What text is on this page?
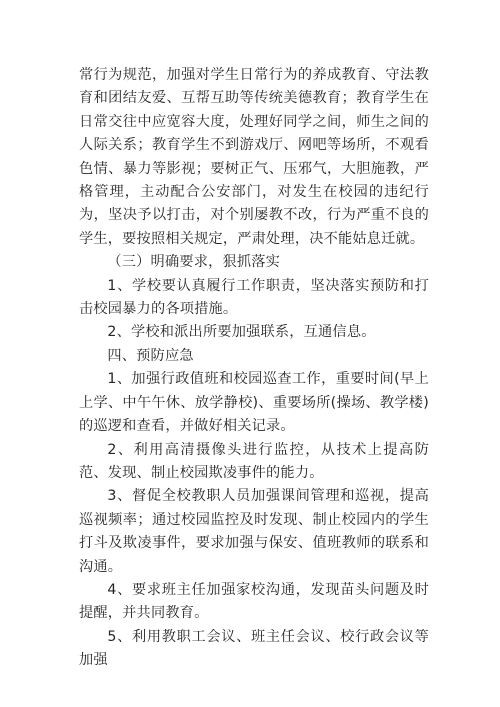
常行为规范，加强对学生日常行为的养成教育、守法教育和团结友爱、互帮互助等传统美德教育；教育学生在日常交往中应宽容大度，处理好同学之间，师生之间的人际关系；教育学生不到游戏厅、网吧等场所，不观看色情、暴力等影视；要树正气、压邪气，大胆施教，严格管理，主动配合公安部门，对发生在校园的违纪行为，坚决予以打击，对个别屡教不改，行为严重不良的学生，要按照相关规定，严肃处理，决不能姑息迁就。

（三）明确要求，狠抓落实

1、学校要认真履行工作职责，坚决落实预防和打击校园暴力的各项措施。

2、学校和派出所要加强联系，互通信息。

四、预防应急

1、加强行政值班和校园巡查工作，重要时间(早上上学、中午午休、放学静校)、重要场所(操场、教学楼)的巡逻和查看，并做好相关记录。

2、利用高清摄像头进行监控，从技术上提高防范、发现、制止校园欺凌事件的能力。

3、督促全校教职人员加强课间管理和巡视，提高巡视频率；通过校园监控及时发现、制止校园内的学生打斗及欺凌事件，要求加强与保安、值班教师的联系和沟通。

4、要求班主任加强家校沟通，发现苗头问题及时提醒，并共同教育。

5、利用教职工会议、班主任会议、校行政会议等加强
